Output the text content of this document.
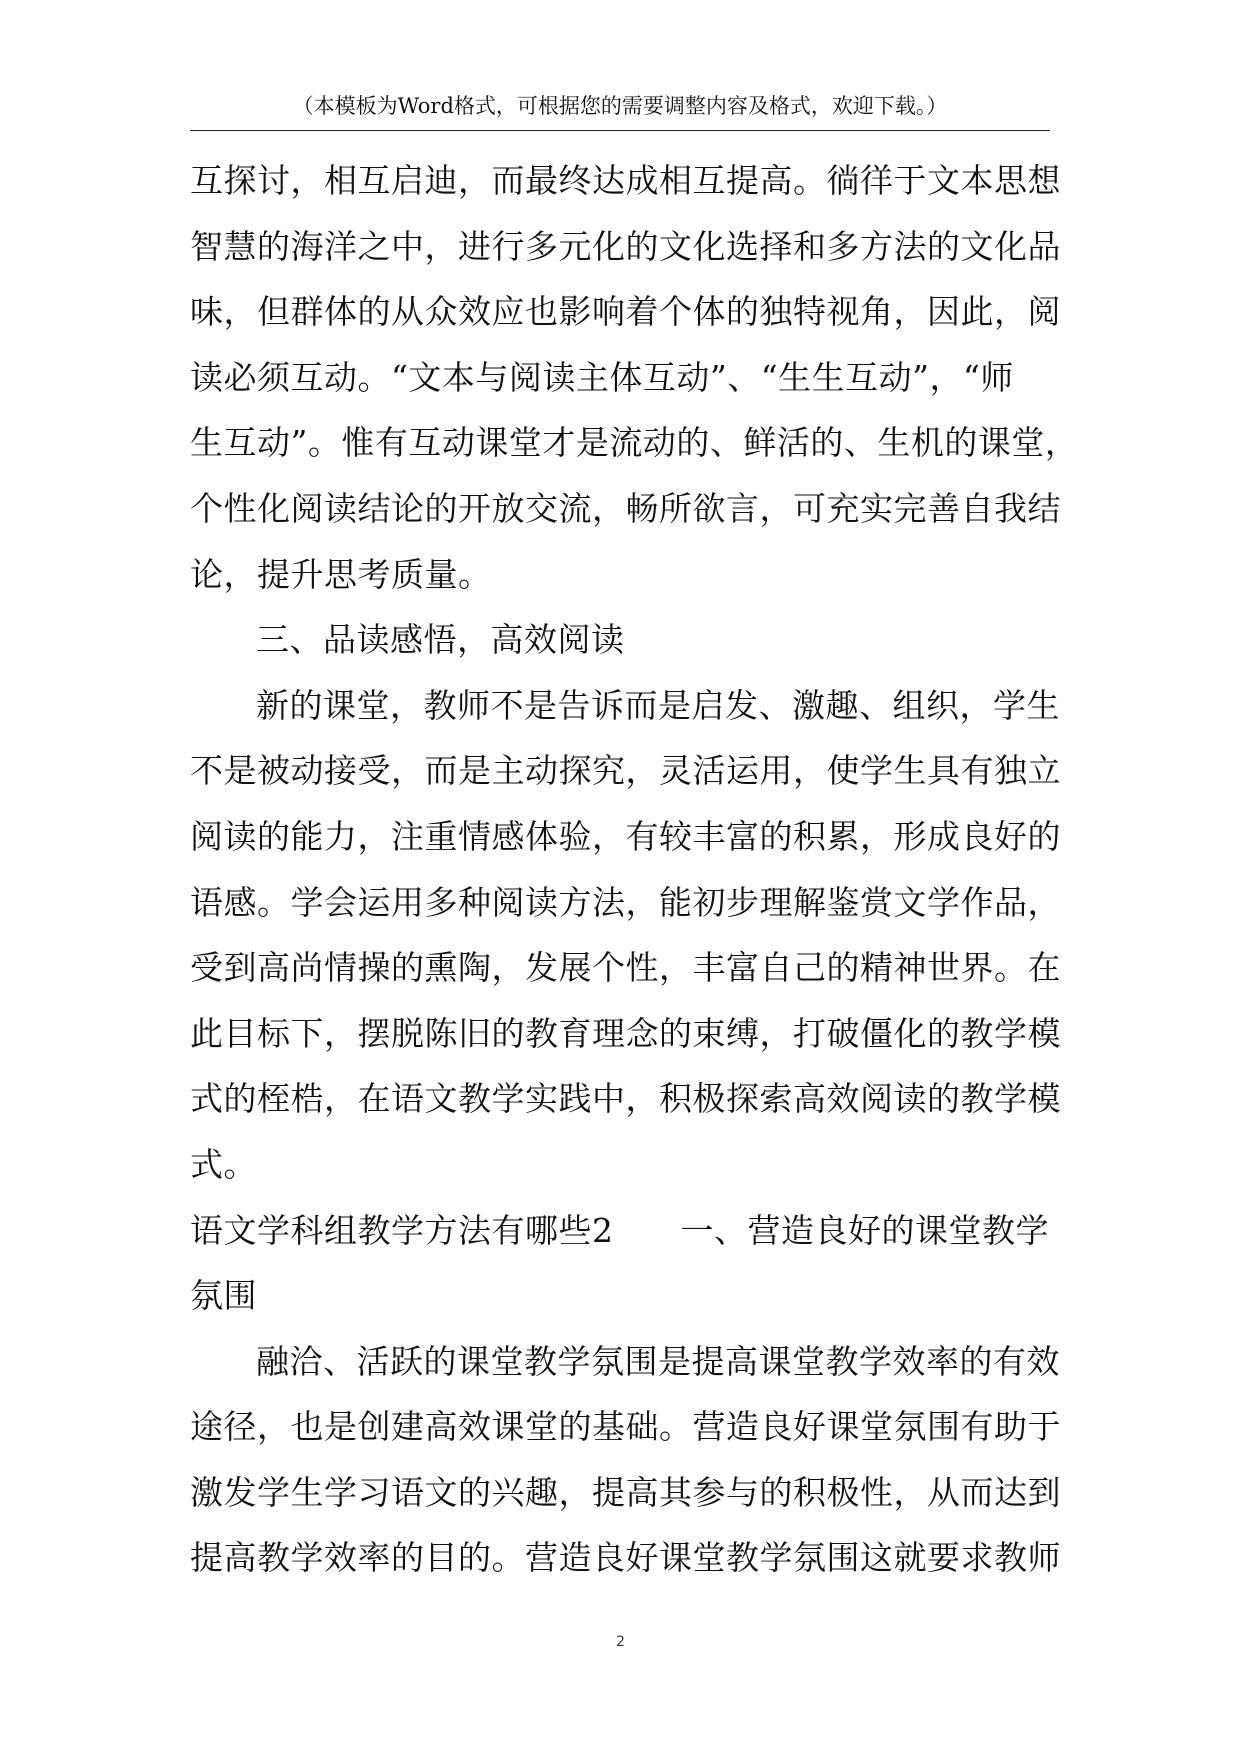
（本模板为Word格式，可根据您的需要调整内容及格式，欢迎下载。）
互探讨，相互启迪，而最终达成相互提高。徜徉于文本思想
智慧的海洋之中，进行多元化的文化选择和多方法的文化品
味，但群体的从众效应也影响着个体的独特视角，因此，阅
读必须互动。“文本与阅读主体互动”、“生生互动”，“师
生互动”。惟有互动课堂才是流动的、鲜活的、生机的课堂，
个性化阅读结论的开放交流，畅所欲言，可充实完善自我结
论，提升思考质量。
三、品读感悟，高效阅读
新的课堂，教师不是告诉而是启发、激趣、组织，学生
不是被动接受，而是主动探究，灵活运用，使学生具有独立
阅读的能力，注重情感体验，有较丰富的积累，形成良好的
语感。学会运用多种阅读方法，能初步理解鉴赏文学作品，
受到高尚情操的熏陶，发展个性，丰富自己的精神世界。在
此目标下，摆脱陈旧的教育理念的束缚，打破僵化的教学模
式的桎梏，在语文教学实践中，积极探索高效阅读的教学模
式。
语文学科组教学方法有哪些2　　一、营造良好的课堂教学
氛围
融洽、活跃的课堂教学氛围是提高课堂教学效率的有效
途径，也是创建高效课堂的基础。营造良好课堂氛围有助于
激发学生学习语文的兴趣，提高其参与的积极性，从而达到
提高教学效率的目的。营造良好课堂教学氛围这就要求教师
2
